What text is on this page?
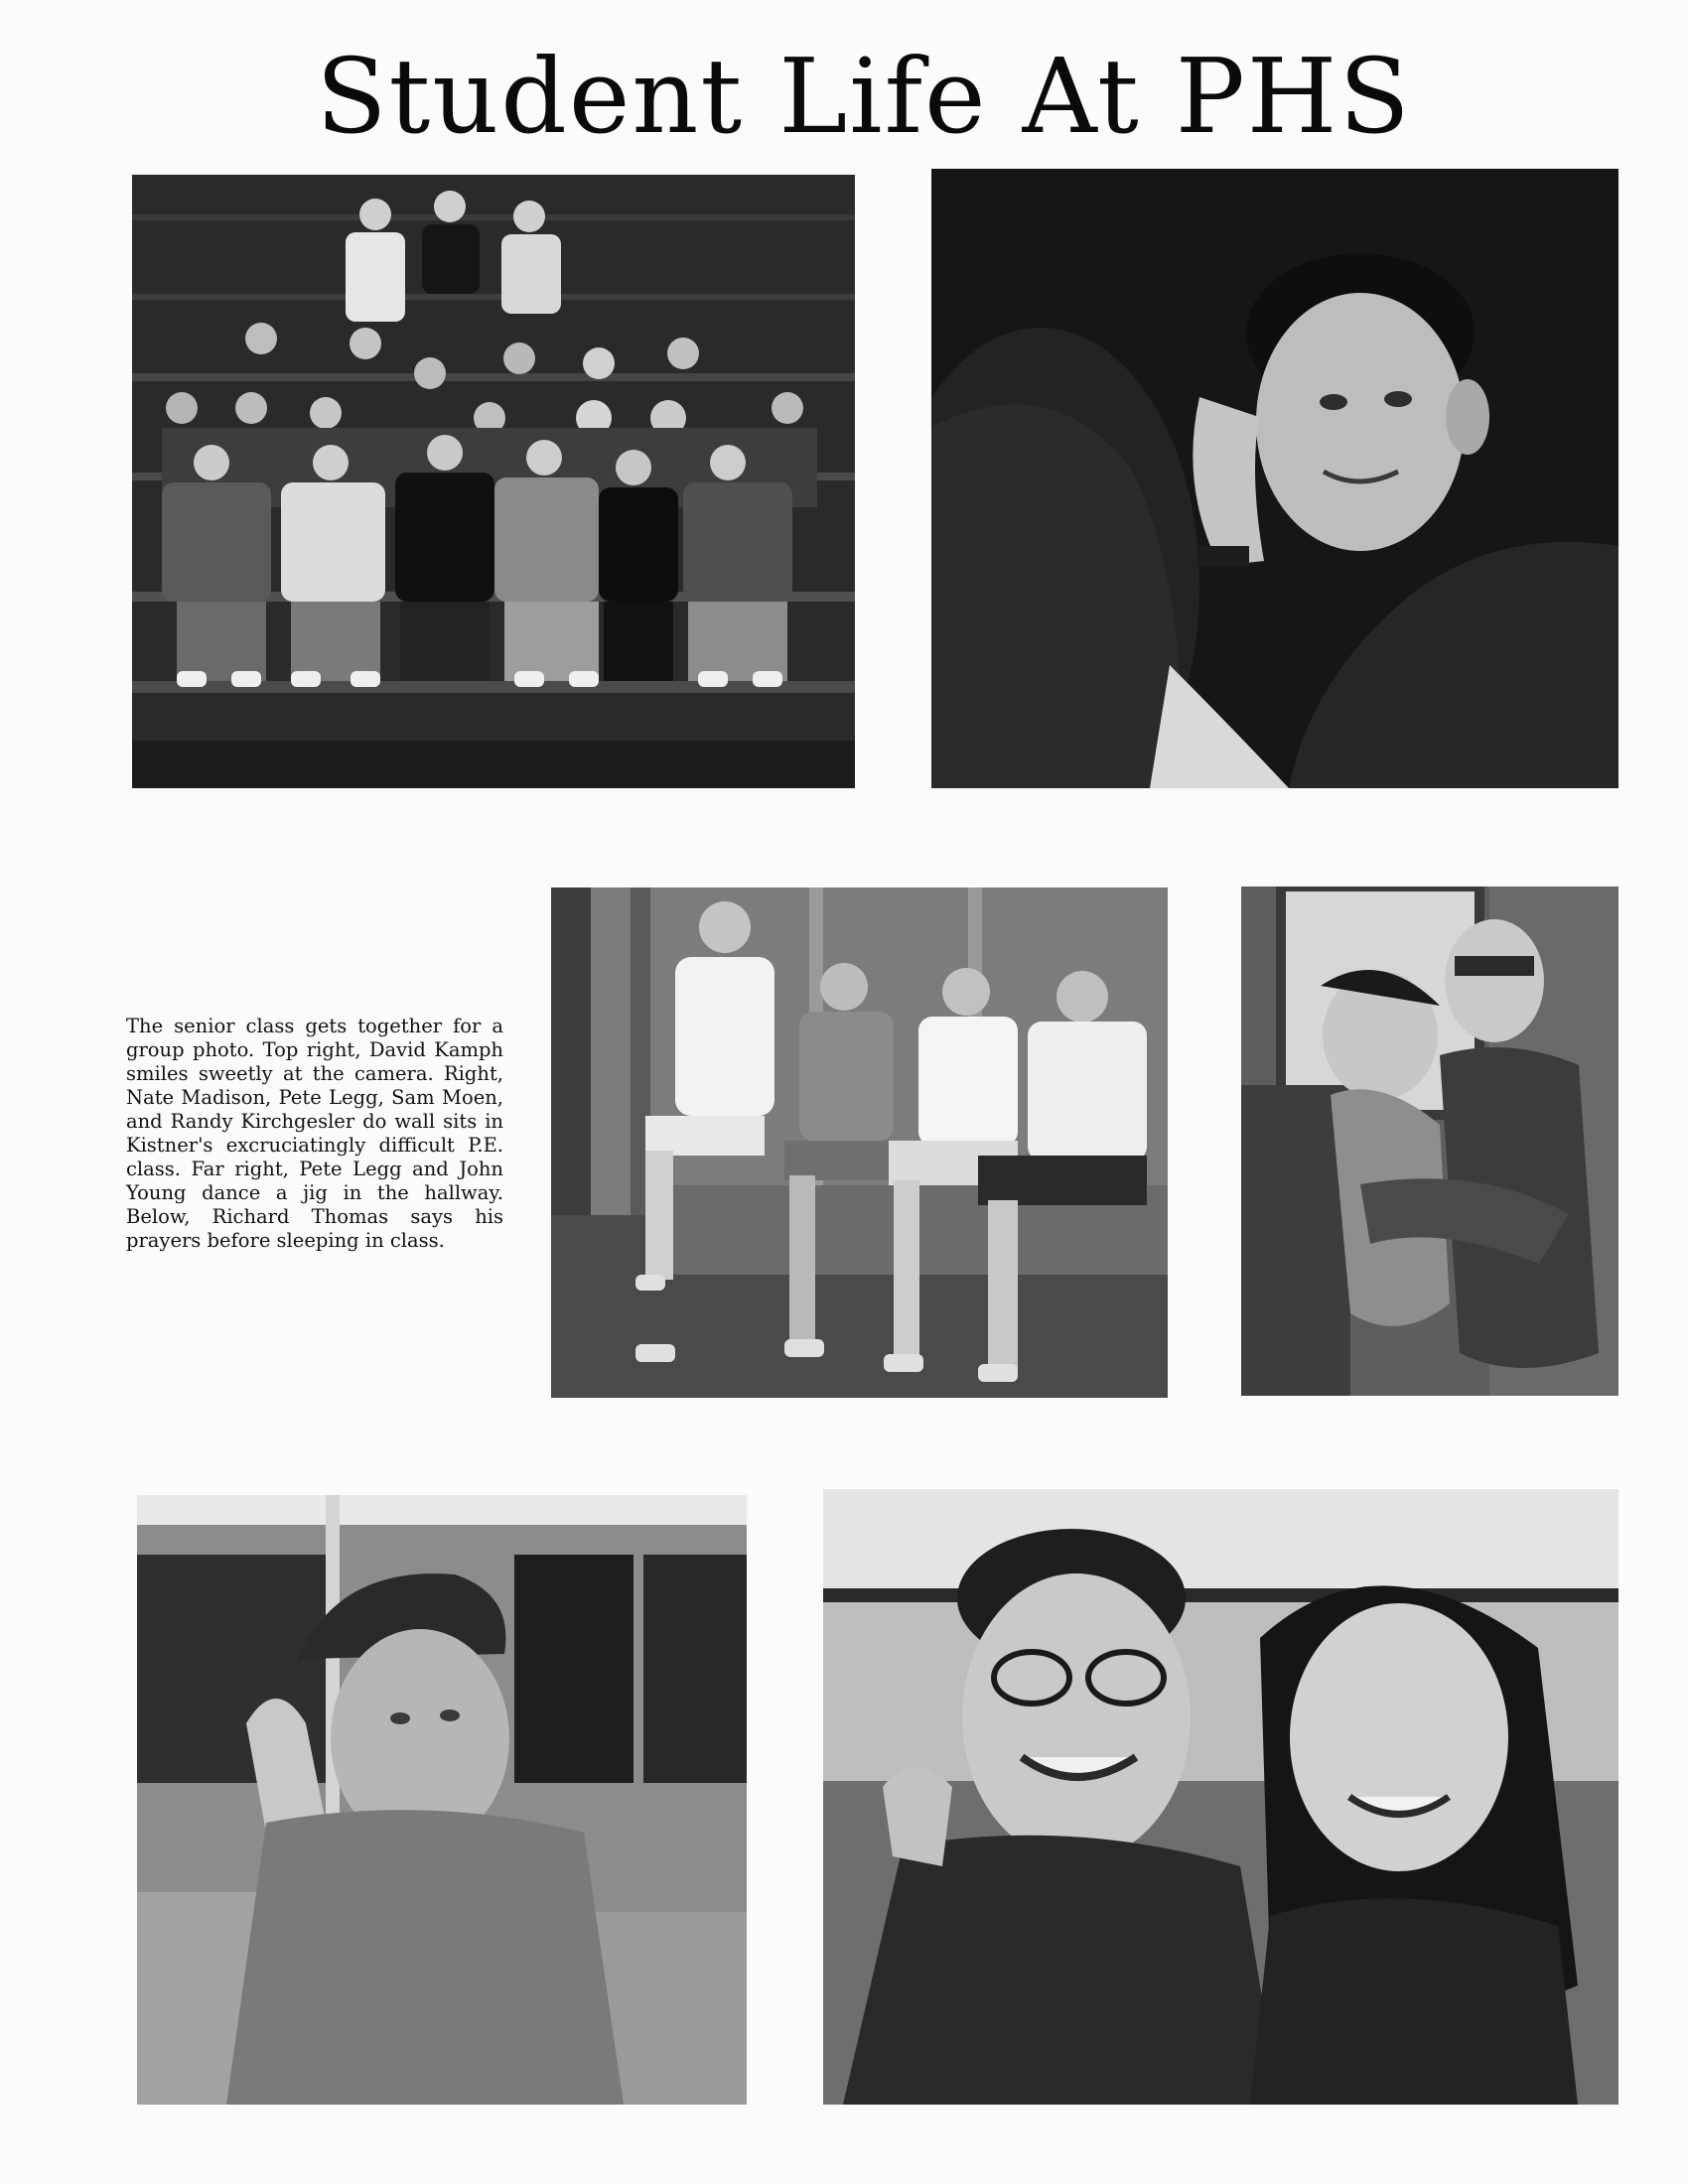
Student Life At PHS

The senior class gets together for a group photo. Top right, David Kamph smiles sweetly at the camera. Right, Nate Madison, Pete Legg, Sam Moen, and Randy Kirchgesler do wall sits in Kistner's excruciatingly difficult P.E. class. Far right, Pete Legg and John Young dance a jig in the hallway. Below, Richard Thomas says his prayers before sleeping in class.
